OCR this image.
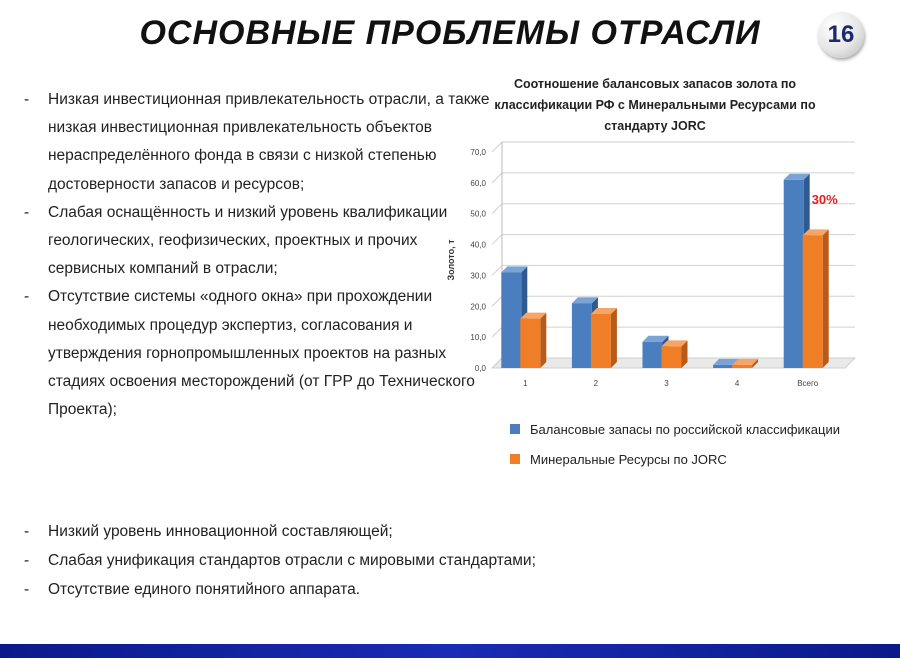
ОСНОВНЫЕ ПРОБЛЕМЫ ОТРАСЛИ	16
- Низкая инвестиционная привлекательность отрасли, а также низкая инвестиционная привлекательность объектов нераспределённого фонда в связи с низкой степенью достоверности запасов и ресурсов;
- Слабая оснащённость и низкий уровень квалификации геологических, геофизических, проектных и прочих сервисных компаний в отрасли;
- Отсутствие системы «одного окна» при прохождении необходимых процедур экспертиз, согласования и утверждения горнопромышленных проектов на разных стадиях освоения месторождений (от ГРР до Технического Проекта);
- Низкий уровень инновационной составляющей;
- Слабая унификация стандартов отрасли с мировыми стандартами;
- Отсутствие единого понятийного аппарата.
Соотношение балансовых запасов золота по классификации РФ с Минеральными Ресурсами по стандарту JORC
0,0
10,0
20,0
30,0
40,0
50,0
60,0
70,0
Золото, т
1	2	3	4	Всего
30%
Балансовые запасы по российской классификации
Минеральные Ресурсы по JORC
